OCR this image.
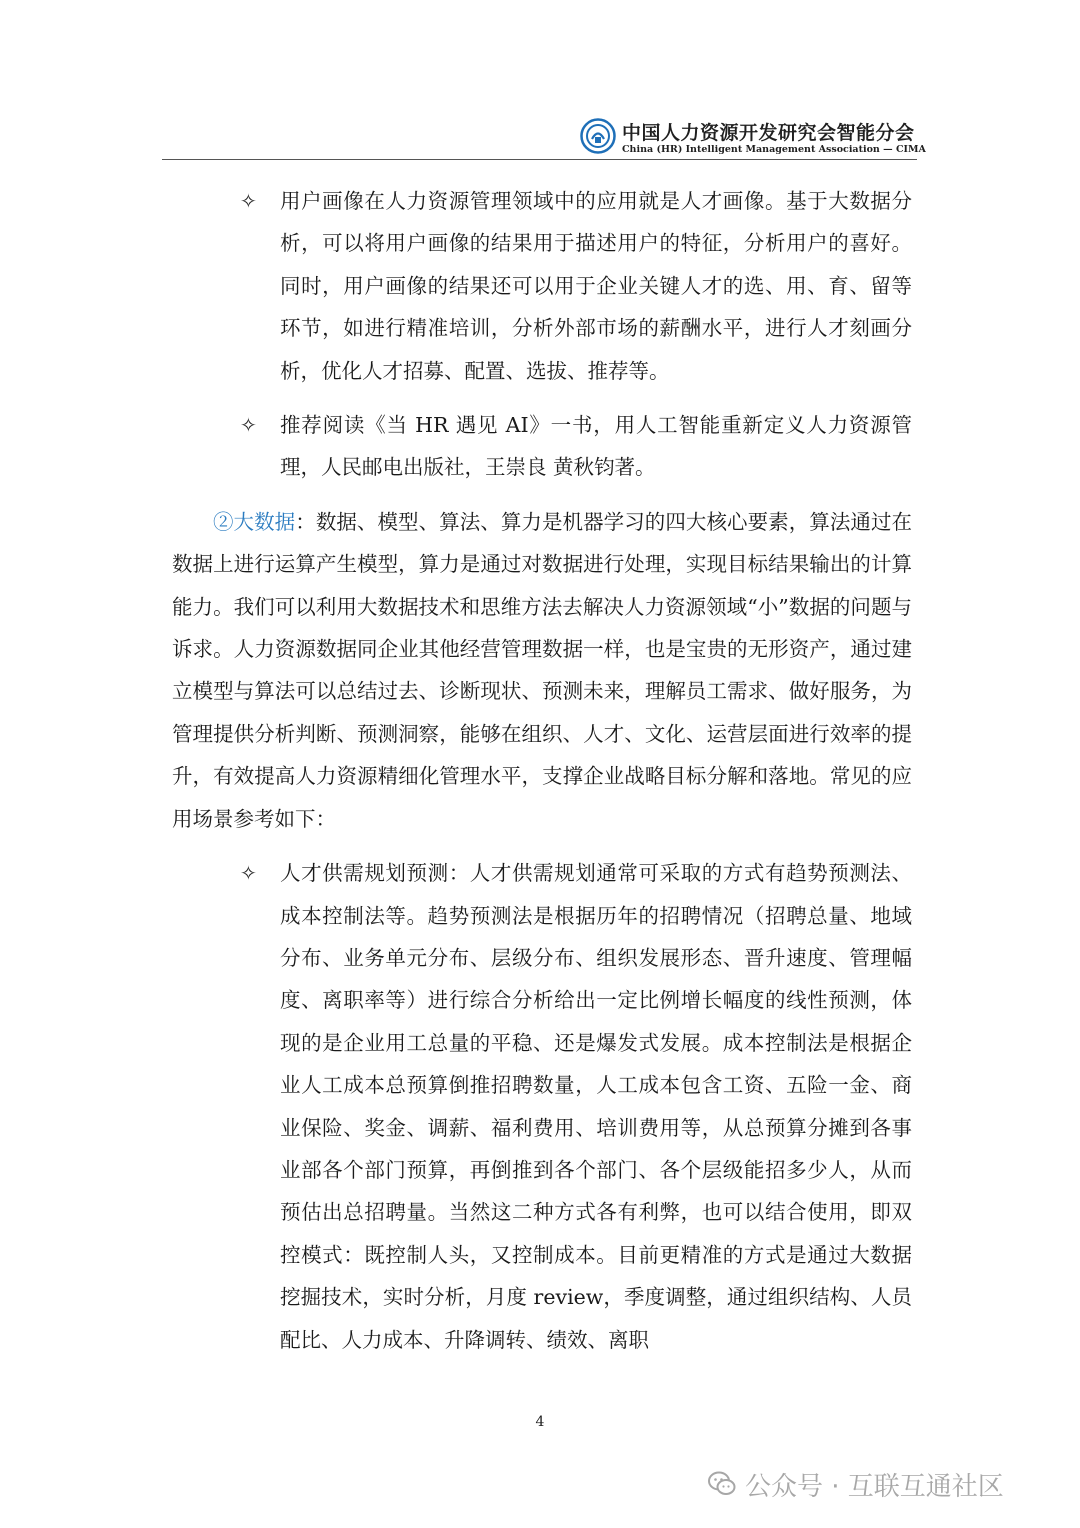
中国人力资源开发研究会智能分会
China (HR) Intelligent Management Association — CIMA

✧ 用户画像在人力资源管理领域中的应用就是人才画像。基于大数据分析，可以将用户画像的结果用于描述用户的特征，分析用户的喜好。同时，用户画像的结果还可以用于企业关键人才的选、用、育、留等环节，如进行精准培训，分析外部市场的薪酬水平，进行人才刻画分析，优化人才招募、配置、选拔、推荐等。

✧ 推荐阅读《当 HR 遇见 AI》一书，用人工智能重新定义人力资源管理，人民邮电出版社，王崇良 黄秋钧著。

②大数据：数据、模型、算法、算力是机器学习的四大核心要素，算法通过在数据上进行运算产生模型，算力是通过对数据进行处理，实现目标结果输出的计算能力。我们可以利用大数据技术和思维方法去解决人力资源领域“小”数据的问题与诉求。人力资源数据同企业其他经营管理数据一样，也是宝贵的无形资产，通过建立模型与算法可以总结过去、诊断现状、预测未来，理解员工需求、做好服务，为管理提供分析判断、预测洞察，能够在组织、人才、文化、运营层面进行效率的提升，有效提高人力资源精细化管理水平，支撑企业战略目标分解和落地。常见的应用场景参考如下：

✧ 人才供需规划预测：人才供需规划通常可采取的方式有趋势预测法、成本控制法等。趋势预测法是根据历年的招聘情况（招聘总量、地域分布、业务单元分布、层级分布、组织发展形态、晋升速度、管理幅度、离职率等）进行综合分析给出一定比例增长幅度的线性预测，体现的是企业用工总量的平稳、还是爆发式发展。成本控制法是根据企业人工成本总预算倒推招聘数量，人工成本包含工资、五险一金、商业保险、奖金、调薪、福利费用、培训费用等，从总预算分摊到各事业部各个部门预算，再倒推到各个部门、各个层级能招多少人，从而预估出总招聘量。当然这二种方式各有利弊，也可以结合使用，即双控模式：既控制人头，又控制成本。目前更精准的方式是通过大数据挖掘技术，实时分析，月度 review，季度调整，通过组织结构、人员配比、人力成本、升降调转、绩效、离职

4
公众号 · 互联互通社区
